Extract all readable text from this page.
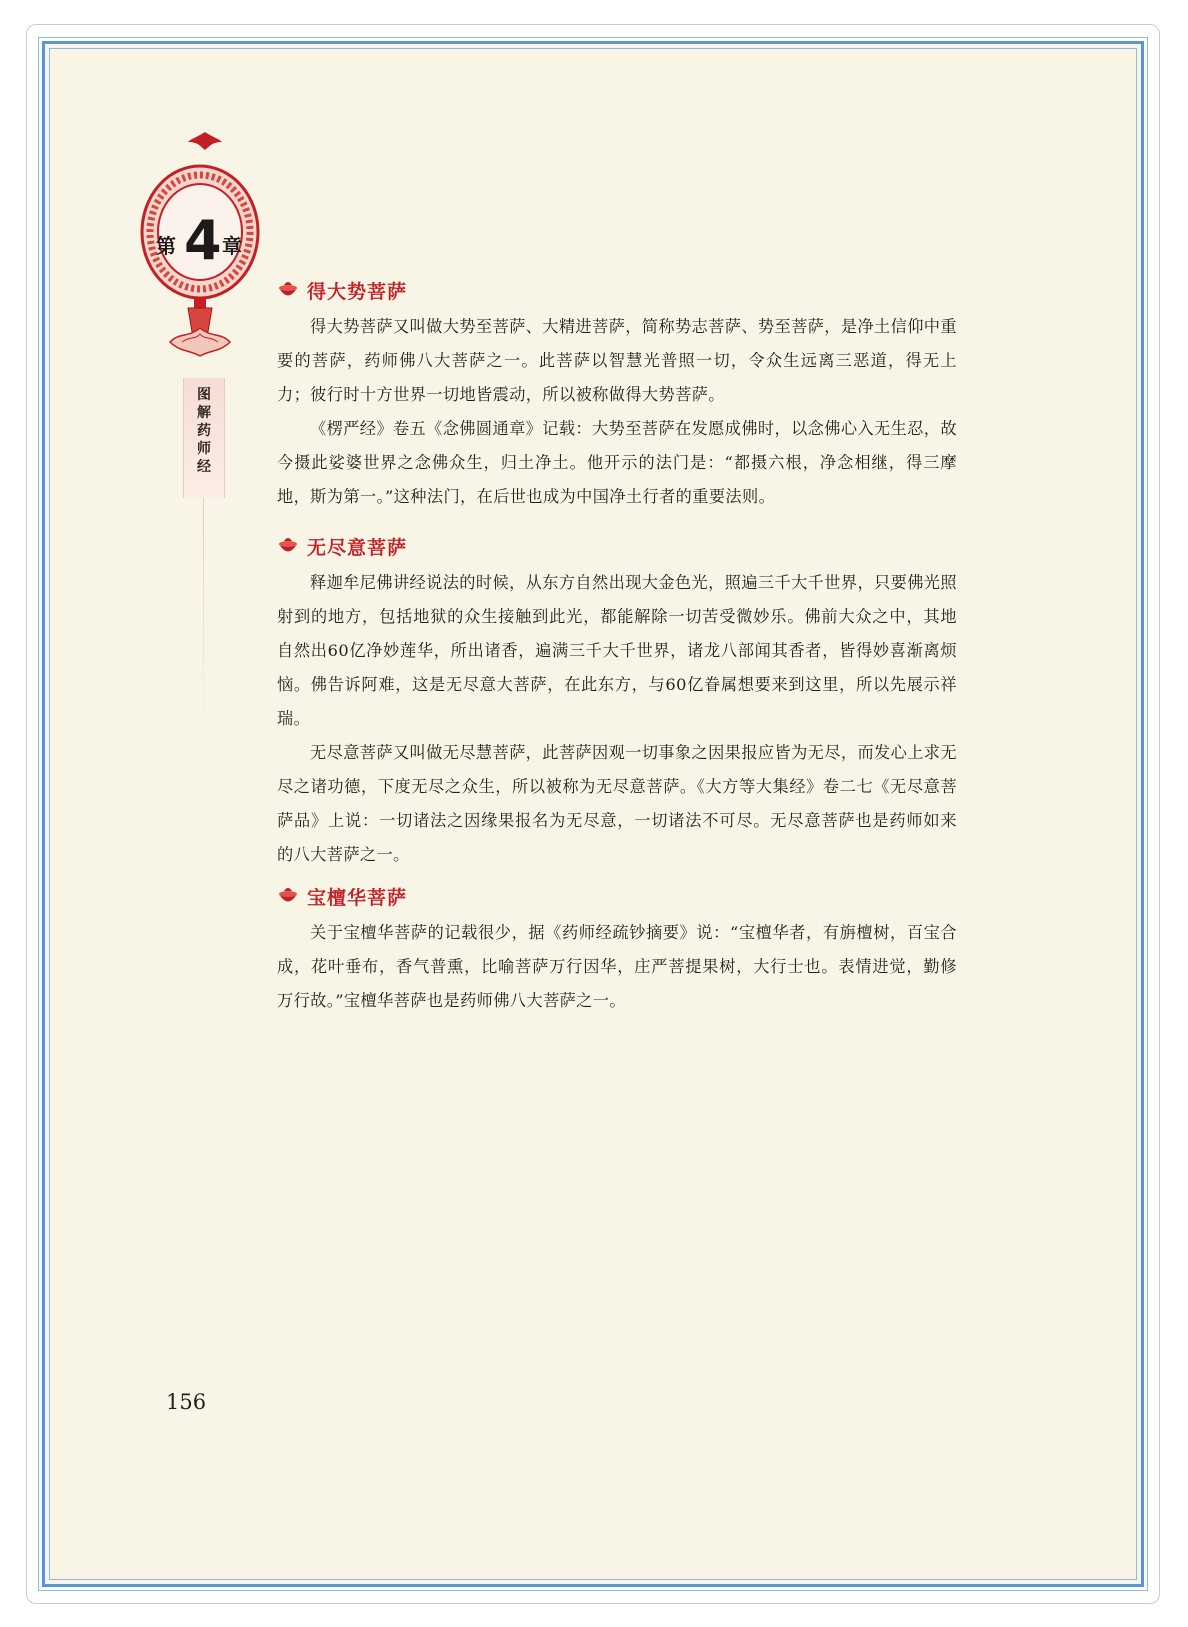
第 4 章
图
解
药
师
经
得大势菩萨

得大势菩萨又叫做大势至菩萨、大精进菩萨，简称势志菩萨、势至菩萨，是净土信仰中重要的菩萨，药师佛八大菩萨之一。此菩萨以智慧光普照一切，令众生远离三恶道，得无上力；彼行时十方世界一切地皆震动，所以被称做得大势菩萨。

《楞严经》卷五《念佛圆通章》记载：大势至菩萨在发愿成佛时，以念佛心入无生忍，故今摄此娑婆世界之念佛众生，归土净土。他开示的法门是：“都摄六根，净念相继，得三摩地，斯为第一。”这种法门，在后世也成为中国净土行者的重要法则。

无尽意菩萨

释迦牟尼佛讲经说法的时候，从东方自然出现大金色光，照遍三千大千世界，只要佛光照射到的地方，包括地狱的众生接触到此光，都能解除一切苦受微妙乐。佛前大众之中，其地自然出60亿净妙莲华，所出诸香，遍满三千大千世界，诸龙八部闻其香者，皆得妙喜渐离烦恼。佛告诉阿难，这是无尽意大菩萨，在此东方，与60亿眷属想要来到这里，所以先展示祥瑞。

无尽意菩萨又叫做无尽慧菩萨，此菩萨因观一切事象之因果报应皆为无尽，而发心上求无尽之诸功德，下度无尽之众生，所以被称为无尽意菩萨。《大方等大集经》卷二七《无尽意菩萨品》上说：一切诸法之因缘果报名为无尽意，一切诸法不可尽。无尽意菩萨也是药师如来的八大菩萨之一。

宝檀华菩萨

关于宝檀华菩萨的记载很少，据《药师经疏钞摘要》说：“宝檀华者，有旃檀树，百宝合成，花叶垂布，香气普熏，比喻菩萨万行因华，庄严菩提果树，大行士也。表情进觉，勤修万行故。”宝檀华菩萨也是药师佛八大菩萨之一。

156
